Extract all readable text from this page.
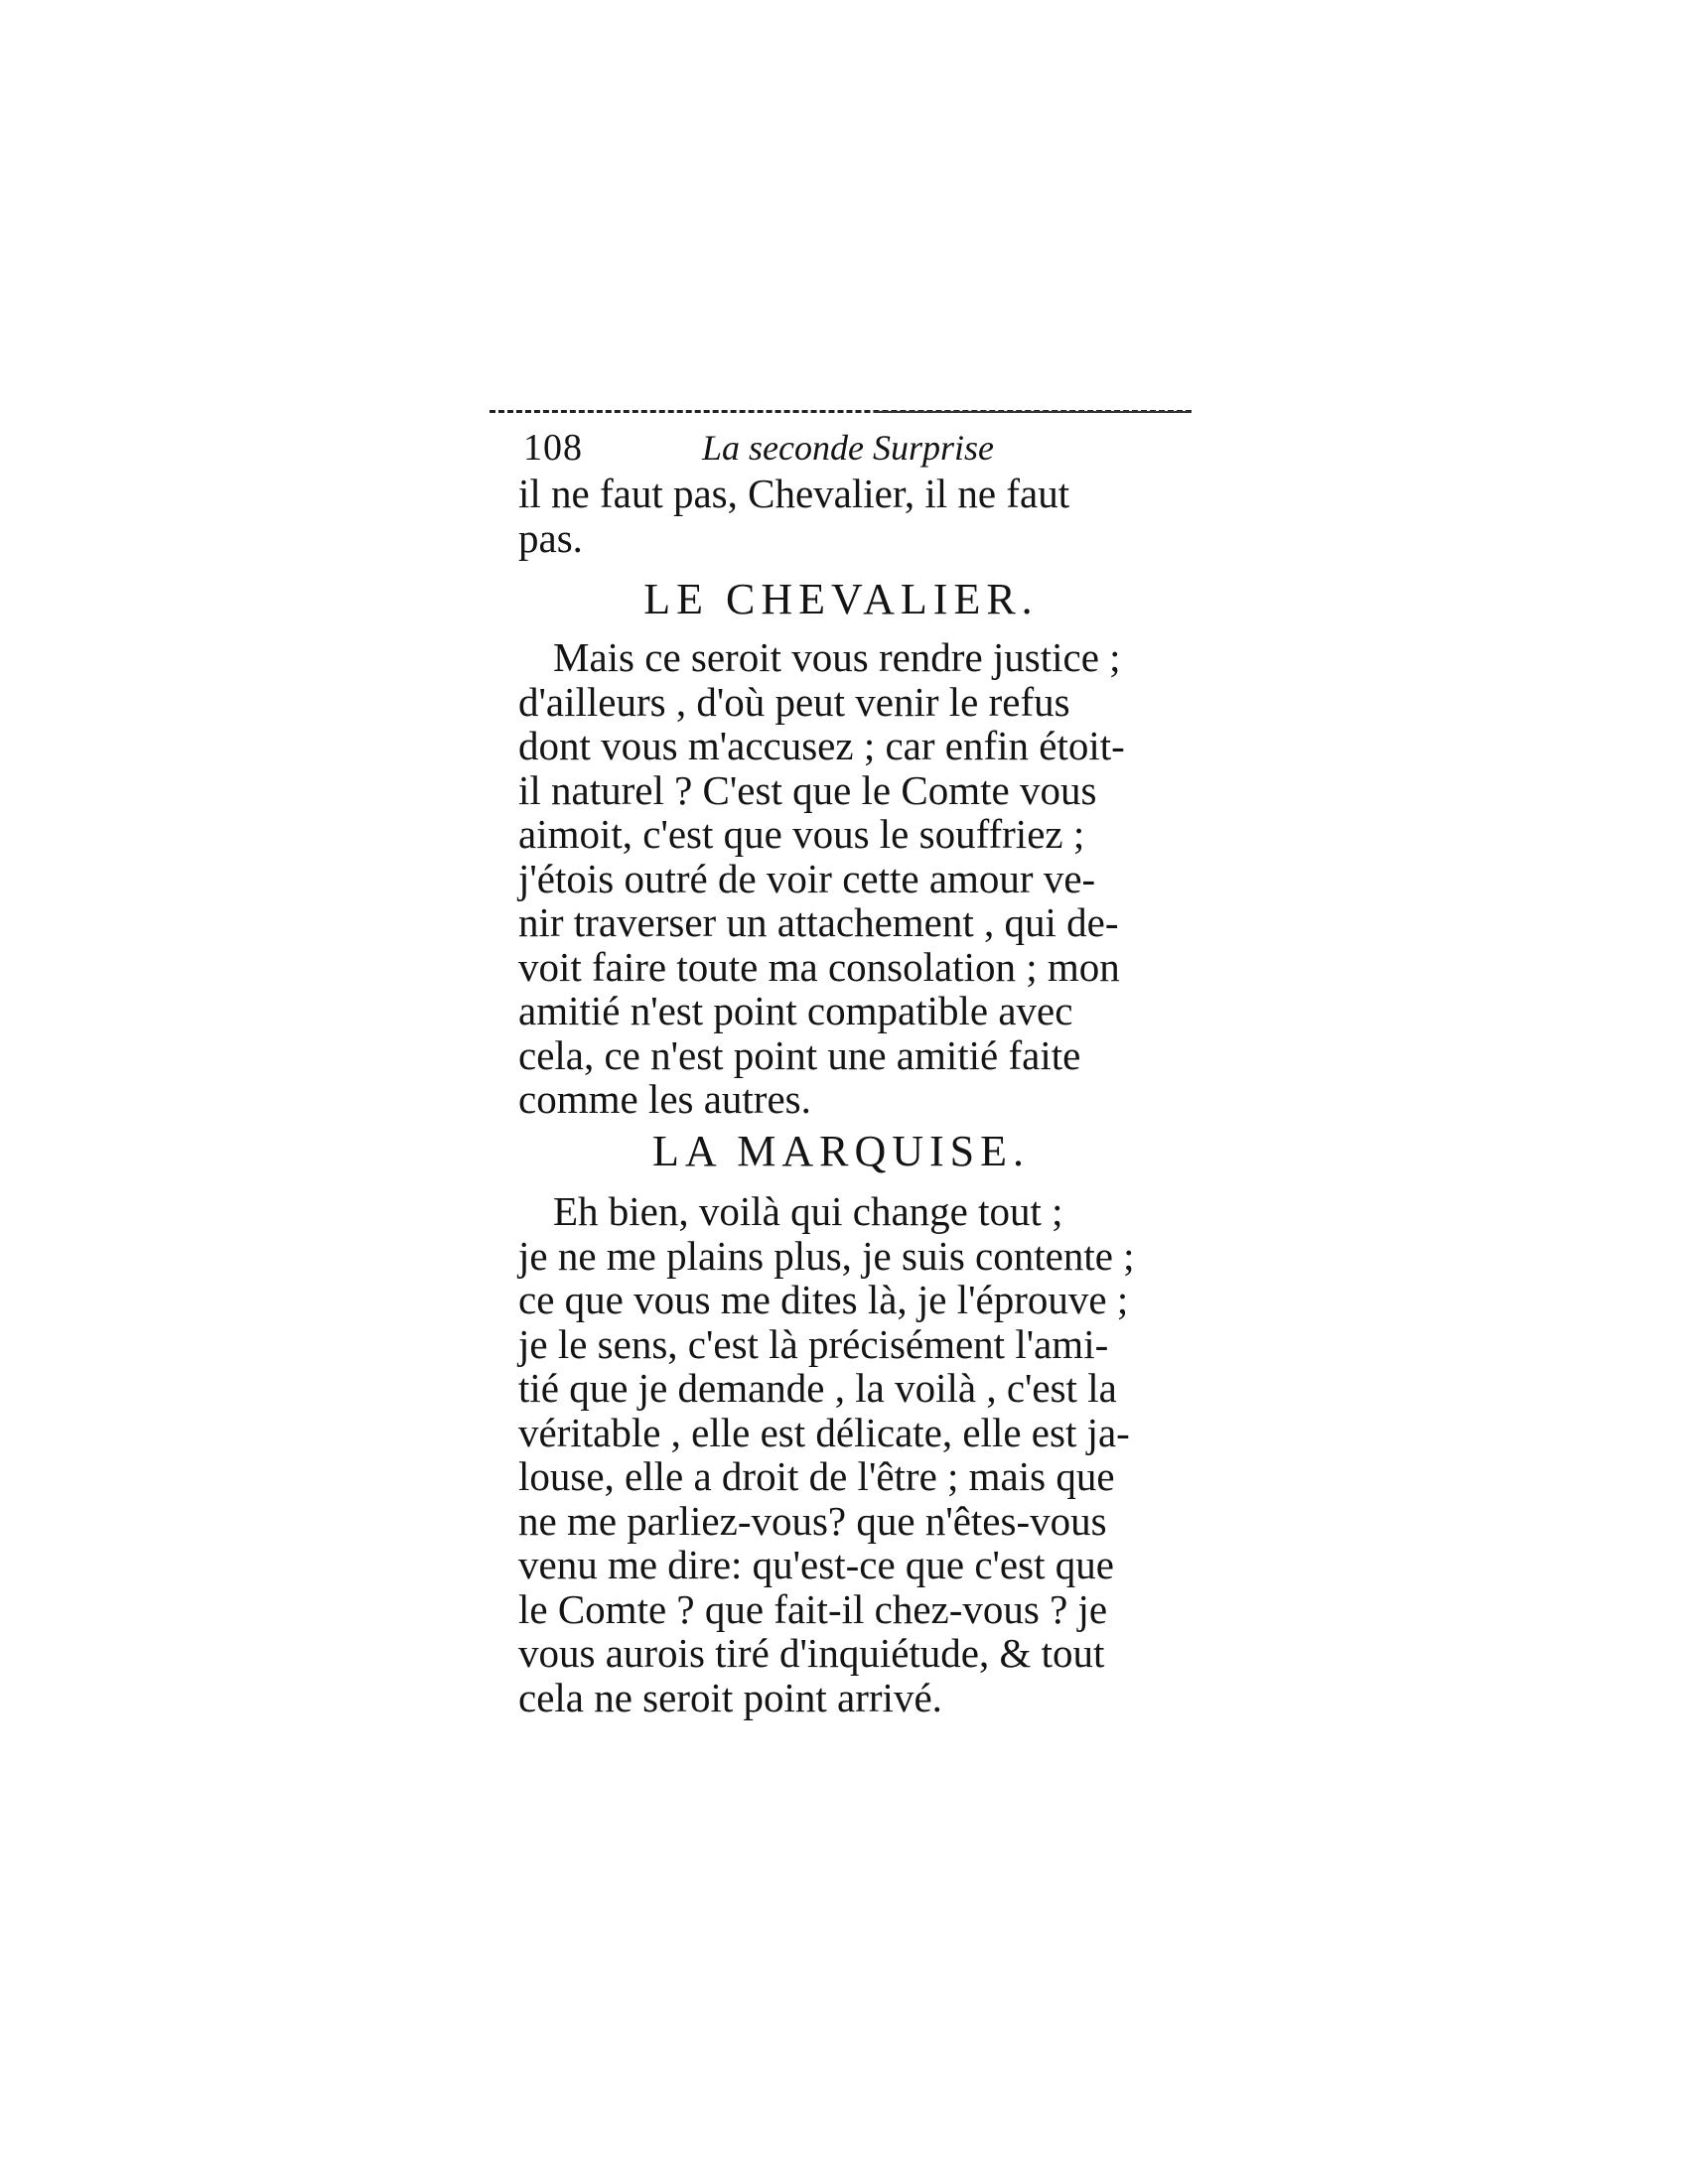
108	La seconde Surprise
il ne faut pas, Chevalier, il ne faut
pas.
LE CHEVALIER.
Mais ce seroit vous rendre justice ;
d'ailleurs , d'où peut venir le refus
dont vous m'accusez ; car enfin étoit-
il naturel ? C'est que le Comte vous
aimoit, c'est que vous le souffriez ;
j'étois outré de voir cette amour ve-
nir traverser un attachement , qui de-
voit faire toute ma consolation ; mon
amitié n'est point compatible avec
cela, ce n'est point une amitié faite
comme les autres.
LA MARQUISE.
Eh bien, voilà qui change tout ;
je ne me plains plus, je suis contente ;
ce que vous me dites là, je l'éprouve ;
je le sens, c'est là précisément l'ami-
tié que je demande , la voilà , c'est la
véritable , elle est délicate, elle est ja-
louse, elle a droit de l'être ; mais que
ne me parliez-vous? que n'êtes-vous
venu me dire: qu'est-ce que c'est que
le Comte ? que fait-il chez-vous ? je
vous aurois tiré d'inquiétude, & tout
cela ne seroit point arrivé.
